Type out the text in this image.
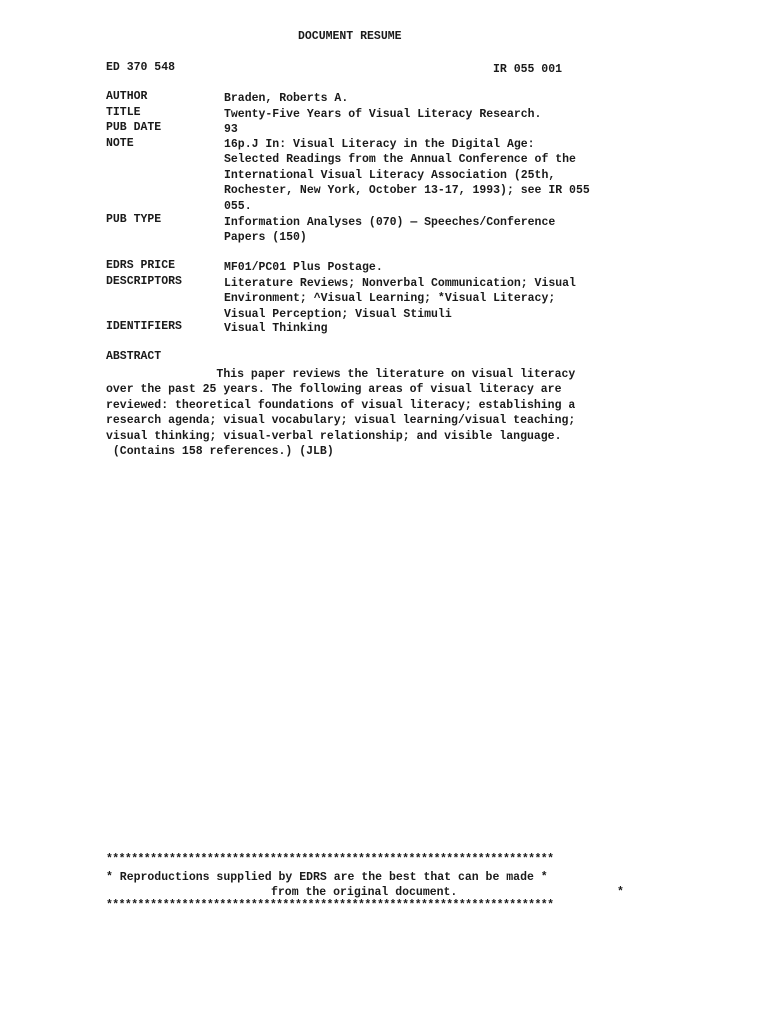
DOCUMENT RESUME
ED 370 548	IR 055 001
AUTHOR	Braden, Roberts A.
TITLE	Twenty-Five Years of Visual Literacy Research.
PUB DATE	93
NOTE	16p.J In: Visual Literacy in the Digital Age:
Selected Readings from the Annual Conference of the
International Visual Literacy Association (25th,
Rochester, New York, October 13-17, 1993); see IR 055
055.
PUB TYPE	Information Analyses (070) — Speeches/Conference
Papers (150)
EDRS PRICE	MF01/PC01 Plus Postage.
DESCRIPTORS	Literature Reviews; Nonverbal Communication; Visual
Environment; ^Visual Learning; *Visual Literacy;
Visual Perception; Visual Stimuli
IDENTIFIERS	Visual Thinking
ABSTRACT
This paper reviews the literature on visual literacy
over the past 25 years. The following areas of visual literacy are
reviewed: theoretical foundations of visual literacy; establishing a
research agenda; visual vocabulary; visual learning/visual teaching;
visual thinking; visual-verbal relationship; and visible language.
(Contains 158 references.) (JLB)
***********************************************************************
* Reproductions supplied by EDRS are the best that can be made *
from the original document.	*
***********************************************************************
